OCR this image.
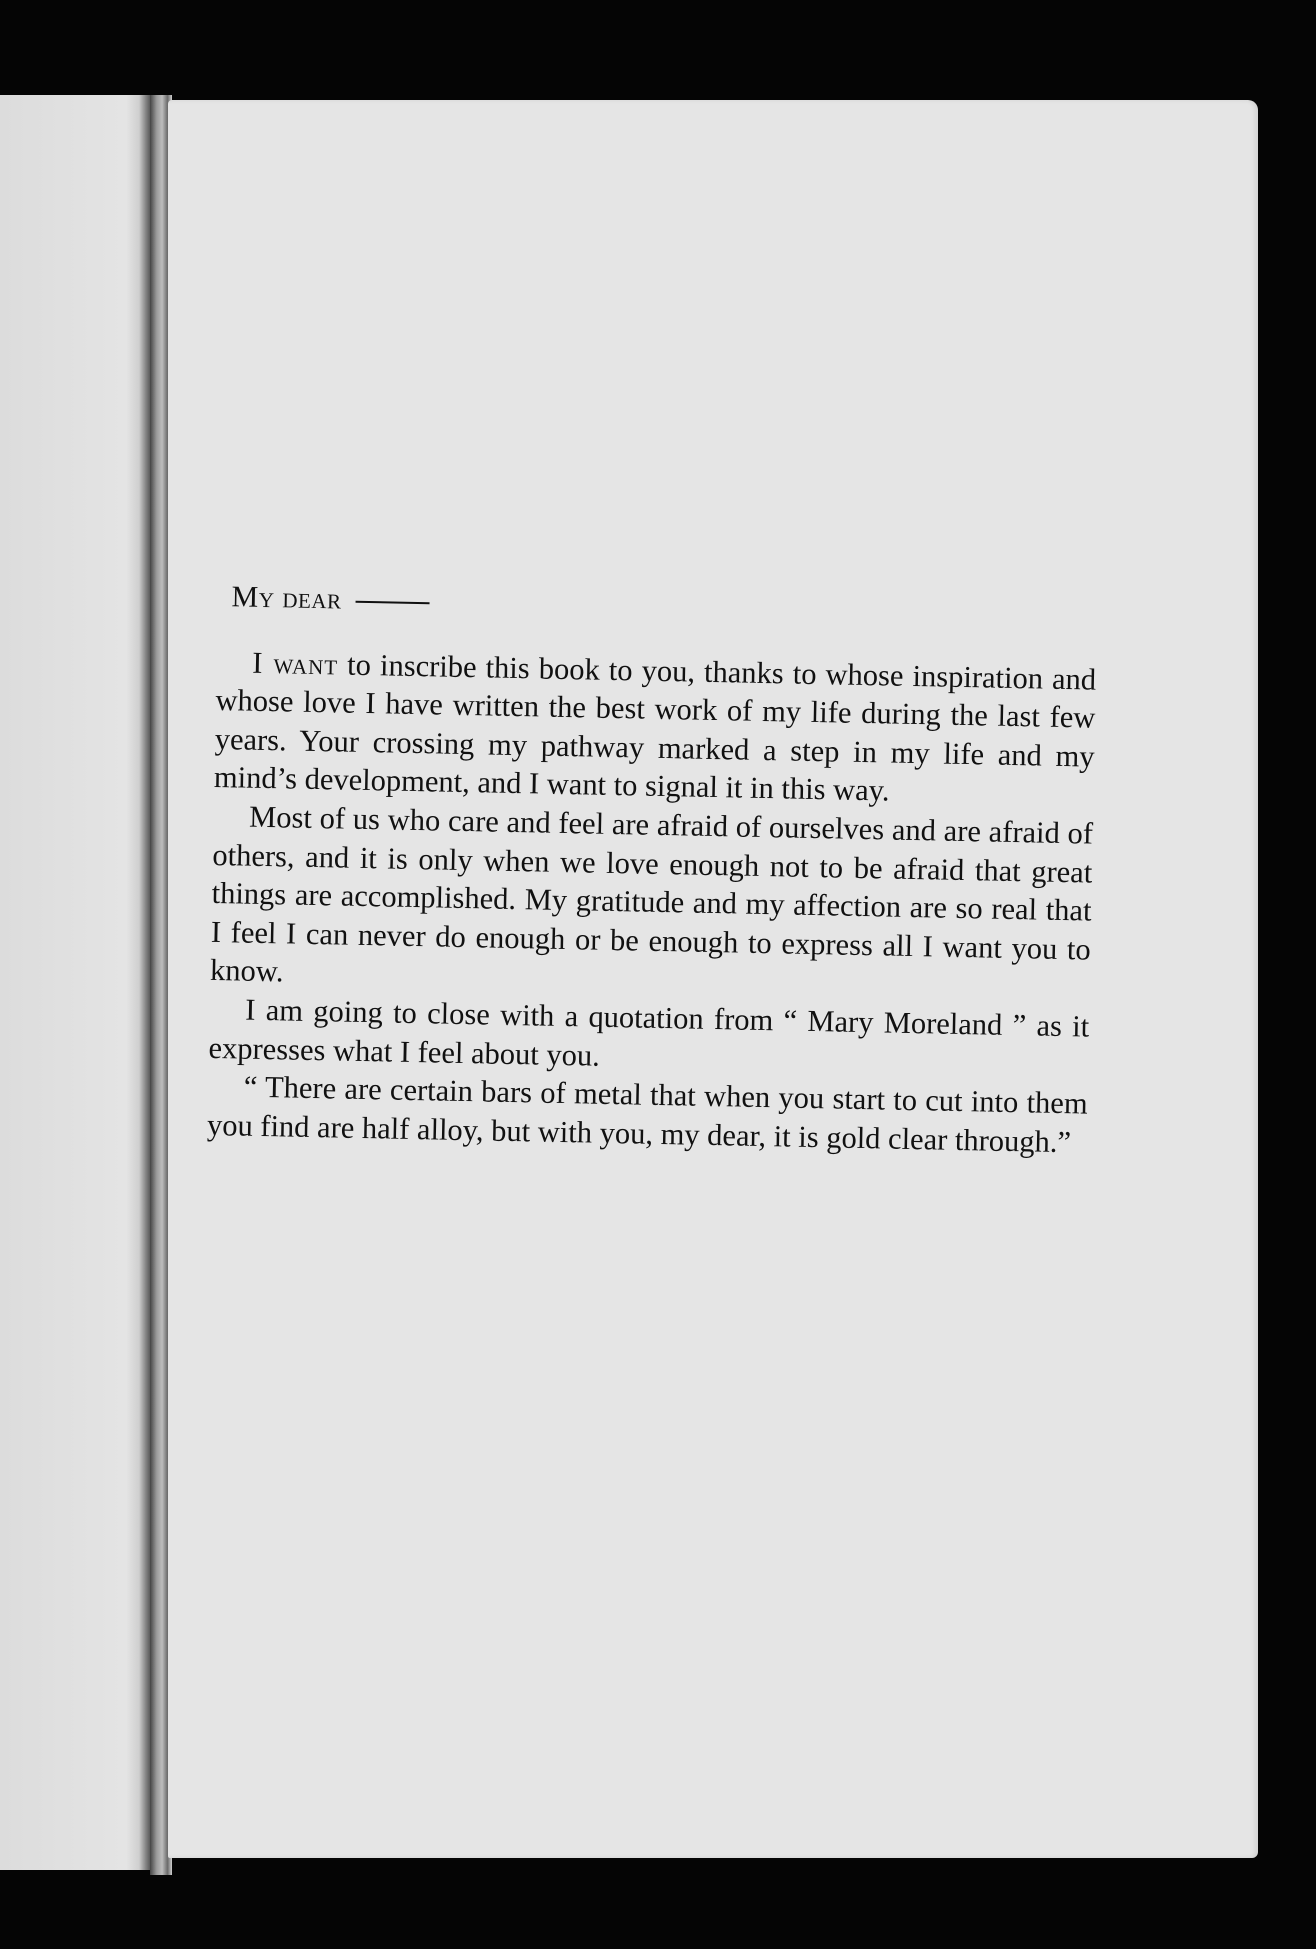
My dear

I want to inscribe this book to you, thanks to whose inspiration and whose love I have written the best work of my life during the last few years. Your crossing my pathway marked a step in my life and my mind’s development, and I want to signal it in this way.

Most of us who care and feel are afraid of ourselves and are afraid of others, and it is only when we love enough not to be afraid that great things are accomplished. My gratitude and my affection are so real that I feel I can never do enough or be enough to express all I want you to know.

I am going to close with a quotation from “ Mary Moreland ” as it expresses what I feel about you.

“ There are certain bars of metal that when you start to cut into them you find are half alloy, but with you, my dear, it is gold clear through.”
